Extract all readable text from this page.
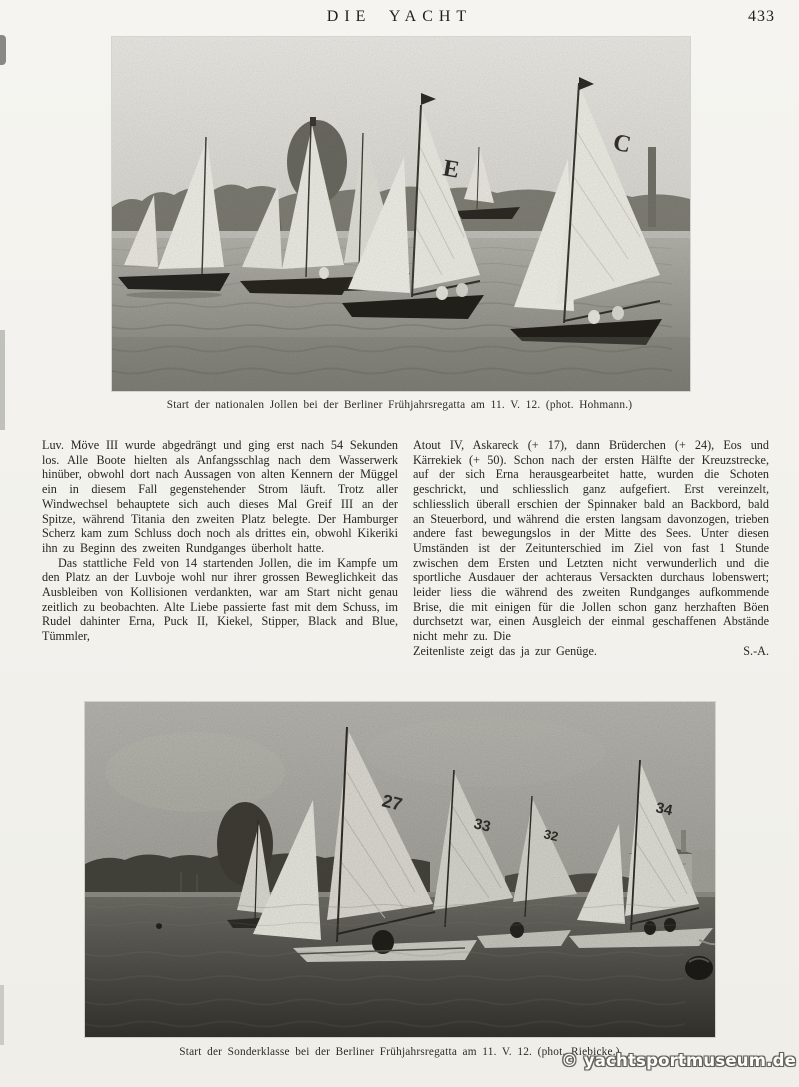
DIE YACHT	433
Start der nationalen Jollen bei der Berliner Frühjahrsregatta am 11. V. 12. (phot. Hohmann.)

Luv. Möve III wurde abgedrängt und ging erst nach 54 Sekunden los. Alle Boote hielten als Anfangsschlag nach dem Wasserwerk hinüber, obwohl dort nach Aussagen von alten Kennern der Müggel ein in diesem Fall gegenstehender Strom läuft. Trotz aller Windwechsel behauptete sich auch dieses Mal Greif III an der Spitze, während Titania den zweiten Platz belegte. Der Hamburger Scherz kam zum Schluss doch noch als drittes ein, obwohl Kikeriki ihn zu Beginn des zweiten Rundganges überholt hatte.

Das stattliche Feld von 14 startenden Jollen, die im Kampfe um den Platz an der Luvboje wohl nur ihrer grossen Beweglichkeit das Ausbleiben von Kollisionen verdankten, war am Start nicht genau zeitlich zu beobachten. Alte Liebe passierte fast mit dem Schuss, im Rudel dahinter Erna, Puck II, Kiekel, Stipper, Black and Blue, Tümmler,

Atout IV, Askareck (+ 17), dann Brüderchen (+ 24), Eos und Kärrekiek (+ 50). Schon nach der ersten Hälfte der Kreuzstrecke, auf der sich Erna herausgearbeitet hatte, wurden die Schoten geschrickt, und schliesslich ganz aufgefiert. Erst vereinzelt, schliesslich überall erschien der Spinnaker bald an Backbord, bald an Steuerbord, und während die ersten langsam davonzogen, trieben andere fast bewegungslos in der Mitte des Sees. Unter diesen Umständen ist der Zeitunterschied im Ziel von fast 1 Stunde zwischen dem Ersten und Letzten nicht verwunderlich und die sportliche Ausdauer der achteraus Versackten durchaus lobenswert; leider liess die während des zweiten Rundganges aufkommende Brise, die mit einigen für die Jollen schon ganz herzhaften Böen durchsetzt war, einen Ausgleich der einmal geschaffenen Abstände nicht mehr zu. Die

Zeitenliste zeigt das ja zur Genüge.	S.-A.
Start der Sonderklasse bei der Berliner Frühjahrsregatta am 11. V. 12. (phot. Riebicke.)
© yachtsportmuseum.de
